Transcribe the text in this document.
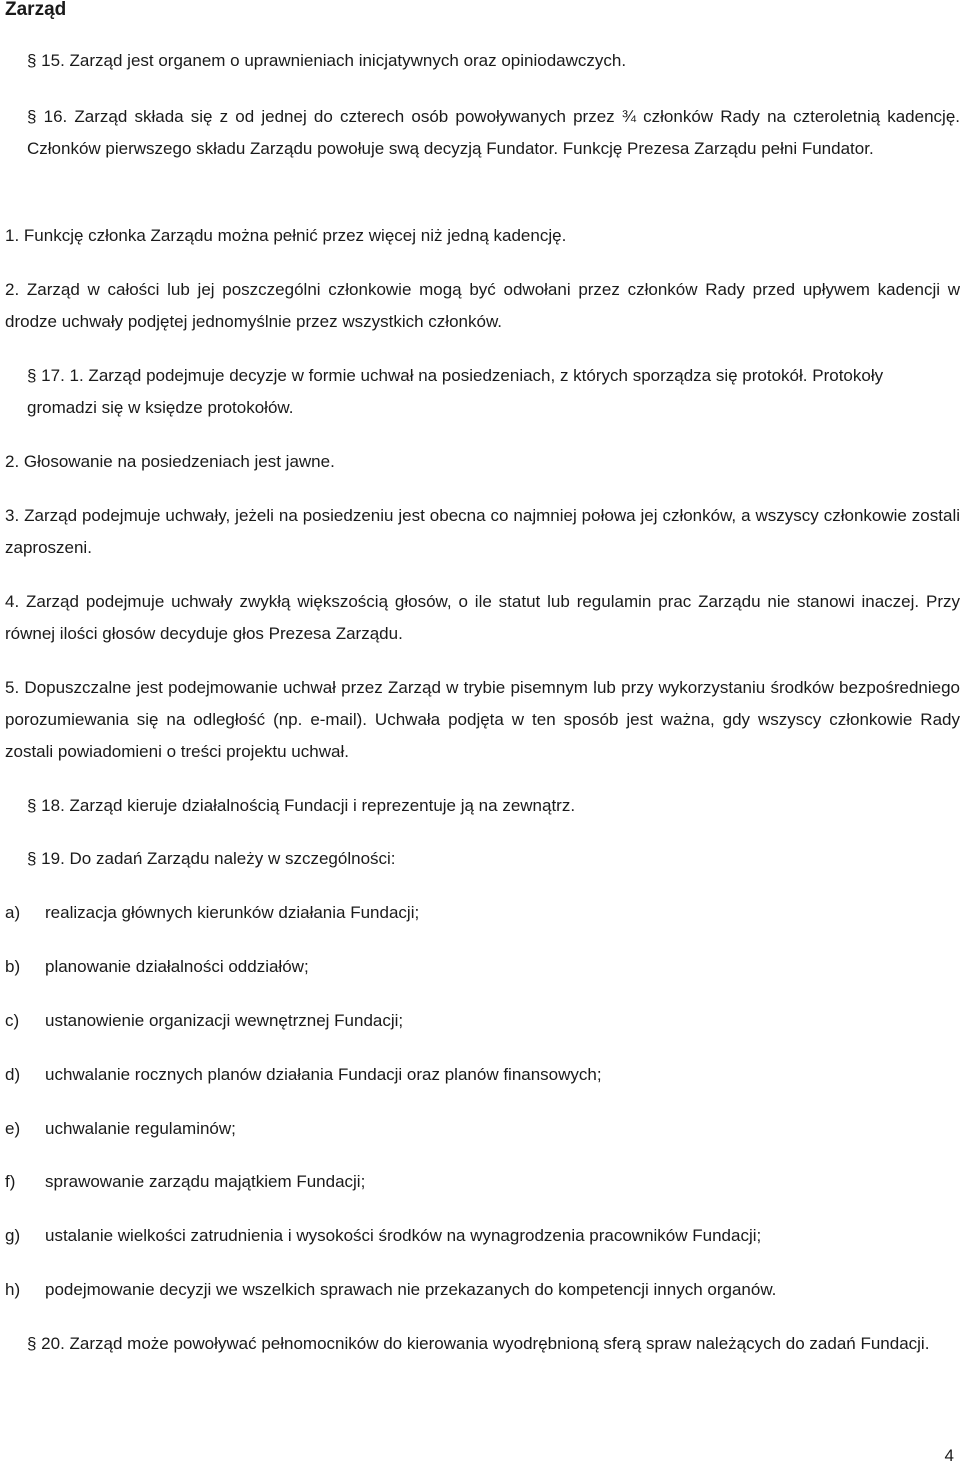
Zarząd

§ 15. Zarząd jest organem o uprawnieniach inicjatywnych oraz opiniodawczych.

§ 16. Zarząd składa się z od jednej do czterech osób powoływanych przez ¾ członków Rady na czteroletnią kadencję. Członków pierwszego składu Zarządu powołuje swą decyzją Fundator. Funkcję Prezesa Zarządu pełni Fundator.

1. Funkcję członka Zarządu można pełnić przez więcej niż jedną kadencję.

2. Zarząd w całości lub jej poszczególni członkowie mogą być odwołani przez członków Rady przed upływem kadencji w drodze uchwały podjętej jednomyślnie przez wszystkich członków.

§ 17. 1. Zarząd podejmuje decyzje w formie uchwał na posiedzeniach, z których sporządza się protokół. Protokoły gromadzi się w księdze protokołów.

2. Głosowanie na posiedzeniach jest jawne.

3. Zarząd podejmuje uchwały, jeżeli na posiedzeniu jest obecna co najmniej połowa jej członków, a wszyscy członkowie zostali zaproszeni.

4. Zarząd podejmuje uchwały zwykłą większością głosów, o ile statut lub regulamin prac Zarządu nie stanowi inaczej. Przy równej ilości głosów decyduje głos Prezesa Zarządu.

5. Dopuszczalne jest podejmowanie uchwał przez Zarząd w trybie pisemnym lub przy wykorzystaniu środków bezpośredniego porozumiewania się na odległość (np. e-mail). Uchwała podjęta w ten sposób jest ważna, gdy wszyscy członkowie Rady zostali powiadomieni o treści projektu uchwał.

§ 18. Zarząd kieruje działalnością Fundacji i reprezentuje ją na zewnątrz.

§ 19. Do zadań Zarządu należy w szczególności:

a) realizacja głównych kierunków działania Fundacji;

b) planowanie działalności oddziałów;

c) ustanowienie organizacji wewnętrznej Fundacji;

d) uchwalanie rocznych planów działania Fundacji oraz planów finansowych;

e) uchwalanie regulaminów;

f) sprawowanie zarządu majątkiem Fundacji;

g) ustalanie wielkości zatrudnienia i wysokości środków na wynagrodzenia pracowników Fundacji;

h) podejmowanie decyzji we wszelkich sprawach nie przekazanych do kompetencji innych organów.

§ 20. Zarząd może powoływać pełnomocników do kierowania wyodrębnioną sferą spraw należących do zadań Fundacji.

4
